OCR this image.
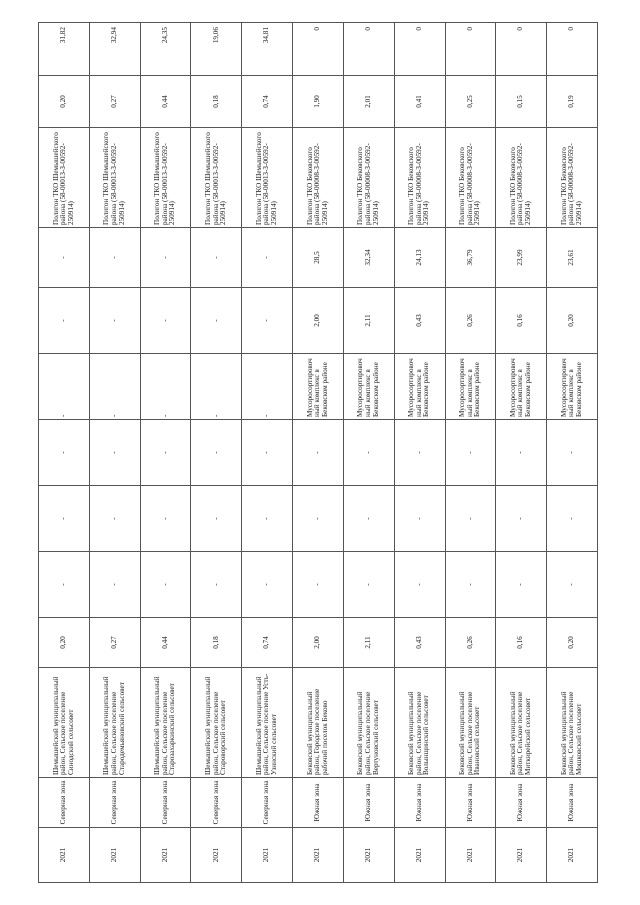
2021	Северная зона	Шемышейский муниципальный район, Сельское поселение Синодский сельсовет	0,20	-	-	-	-	-	-	Полигон ТКО Шемышейского района (58-00013-З-00592-250914)	0,20	31,82
2021	Северная зона	Шемышейский муниципальный район, Сельское поселение Стародемьяновский сельсовет	0,27	-	-	-	-	-	-	Полигон ТКО Шемышейского района (58-00013-З-00592-250914)	0,27	32,94
2021	Северная зона	Шемышейский муниципальный район, Сельское поселение Старозахаркинский сельсовет	0,44	-	-	-	-	-	-	Полигон ТКО Шемышейского района (58-00013-З-00592-250914)	0,44	24,35
2021	Северная зона	Шемышейский муниципальный район, Сельское поселение Староворский сельсовет	0,18	-	-	-	-	-	-	Полигон ТКО Шемышейского района (58-00013-З-00592-250914)	0,18	19,06
2021	Северная зона	Шемышейский муниципальный район, Сельское поселение Усть-Узинский сельсовет	0,74	-	-	-	-	-	-	Полигон ТКО Шемышейского района (58-00013-З-00592-250914)	0,74	34,81
2021	Южная зона	Бековский муниципальный район, Городское поселение рабочий поселок Беково	2,00	-	-	-	Мусоросортировочный комплекс в Бековском районе	2,00	28,5	Полигон ТКО Бековского района (58-00008-З-00592-250914)	1,90	0
2021	Южная зона	Бековский муниципальный район, Сельское поселение Вертуновский сельсовет	2,11	-	-	-	Мусоросортировочный комплекс в Бековском районе	2,11	32,34	Полигон ТКО Бековского района (58-00008-З-00592-250914)	2,01	0
2021	Южная зона	Бековский муниципальный район, Сельское поселение Волынщинский сельсовет	0,43	-	-	-	Мусоросортировочный комплекс в Бековском районе	0,43	24,13	Полигон ТКО Бековского района (58-00008-З-00592-250914)	0,41	0
2021	Южная зона	Бековский муниципальный район, Сельское поселение Ивановский сельсовет	0,26	-	-	-	Мусоросортировочный комплекс в Бековском районе	0,26	36,79	Полигон ТКО Бековского района (58-00008-З-00592-250914)	0,25	0
2021	Южная зона	Бековский муниципальный район, Сельское поселение Миткирейский сельсовет	0,16	-	-	-	Мусоросортировочный комплекс в Бековском районе	0,16	23,99	Полигон ТКО Бековского района (58-00008-З-00592-250914)	0,15	0
2021	Южная зона	Бековский муниципальный район, Сельское поселение Мошковский сельсовет	0,20	-	-	-	Мусоросортировочный комплекс в Бековском районе	0,20	23,61	Полигон ТКО Бековского района (58-00008-З-00592-250914)	0,19	0
